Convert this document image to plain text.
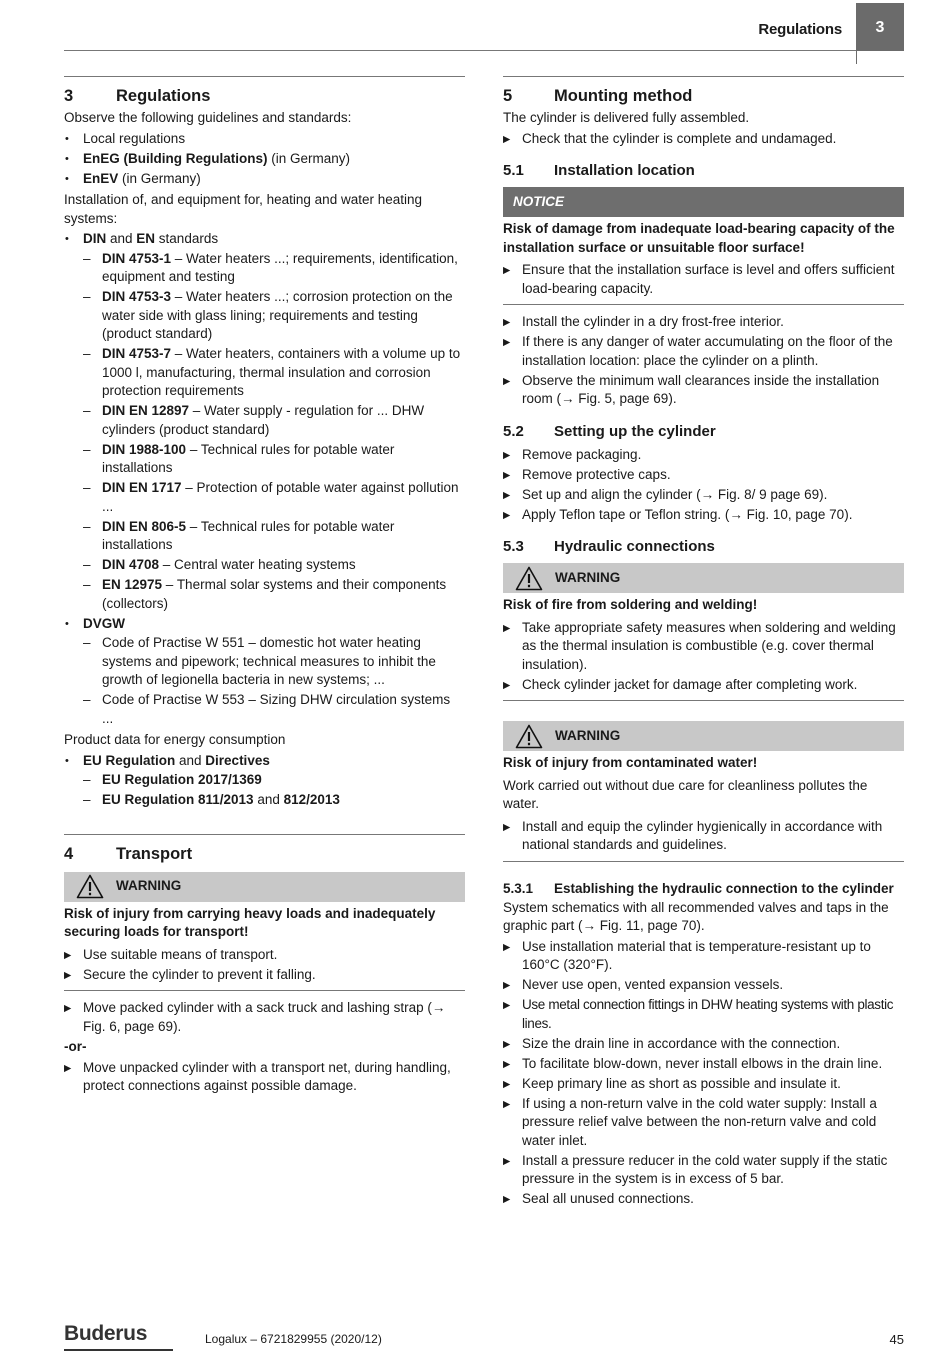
Regulations	3
3	Regulations

Observe the following guidelines and standards:

• Local regulations
• EnEG (Building Regulations) (in Germany)
• EnEV (in Germany)

Installation of, and equipment for, heating and water heating systems:

• DIN and EN standards
– DIN 4753-1 – Water heaters ...; requirements, identification, equipment and testing
– DIN 4753-3 – Water heaters ...; corrosion protection on the water side with glass lining; requirements and testing (product standard)
– DIN 4753-7 – Water heaters, containers with a volume up to 1000 l, manufacturing, thermal insulation and corrosion protection requirements
– DIN EN 12897 – Water supply - regulation for ... DHW cylinders (product standard)
– DIN 1988-100 – Technical rules for potable water installations
– DIN EN 1717 – Protection of potable water against pollution ...
– DIN EN 806-5 – Technical rules for potable water installations
– DIN 4708 – Central water heating systems
– EN 12975 – Thermal solar systems and their components (collectors)
• DVGW
– Code of Practise W 551 – domestic hot water heating systems and pipework; technical measures to inhibit the growth of legionella bacteria in new systems; ...
– Code of Practise W 553 – Sizing DHW circulation systems ...

Product data for energy consumption

• EU Regulation and Directives
– EU Regulation 2017/1369
– EU Regulation 811/2013 and 812/2013
4	Transport
WARNING
Risk of injury from carrying heavy loads and inadequately securing loads for transport!
▶ Use suitable means of transport.
▶ Secure the cylinder to prevent it falling.
▶ Move packed cylinder with a sack truck and lashing strap (→ Fig. 6, page 69).
-or-
▶ Move unpacked cylinder with a transport net, during handling, protect connections against possible damage.
5	Mounting method

The cylinder is delivered fully assembled.

▶ Check that the cylinder is complete and undamaged.
5.1 Installation location
NOTICE
Risk of damage from inadequate load-bearing capacity of the installation surface or unsuitable floor surface!
▶ Ensure that the installation surface is level and offers sufficient load-bearing capacity.
▶ Install the cylinder in a dry frost-free interior.
▶ If there is any danger of water accumulating on the floor of the installation location: place the cylinder on a plinth.
▶ Observe the minimum wall clearances inside the installation room (→ Fig. 5, page 69).
5.2 Setting up the cylinder
▶ Remove packaging.
▶ Remove protective caps.
▶ Set up and align the cylinder (→ Fig. 8/ 9 page 69).
▶ Apply Teflon tape or Teflon string. (→ Fig. 10, page 70).
5.3 Hydraulic connections
WARNING
Risk of fire from soldering and welding!
▶ Take appropriate safety measures when soldering and welding as the thermal insulation is combustible (e.g. cover thermal insulation).
▶ Check cylinder jacket for damage after completing work.
WARNING
Risk of injury from contaminated water!

Work carried out without due care for cleanliness pollutes the water.

▶ Install and equip the cylinder hygienically in accordance with national standards and guidelines.
5.3.1 Establishing the hydraulic connection to the cylinder

System schematics with all recommended valves and taps in the graphic part (→ Fig. 11, page 70).

▶ Use installation material that is temperature-resistant up to 160°C (320°F).
▶ Never use open, vented expansion vessels.
▶ Use metal connection fittings in DHW heating systems with plastic lines.
▶ Size the drain line in accordance with the connection.
▶ To facilitate blow-down, never install elbows in the drain line.
▶ Keep primary line as short as possible and insulate it.
▶ If using a non-return valve in the cold water supply: Install a pressure relief valve between the non-return valve and cold water inlet.
▶ Install a pressure reducer in the cold water supply if the static pressure in the system is in excess of 5 bar.
▶ Seal all unused connections.
Buderus	Logalux – 6721829955 (2020/12)	45
